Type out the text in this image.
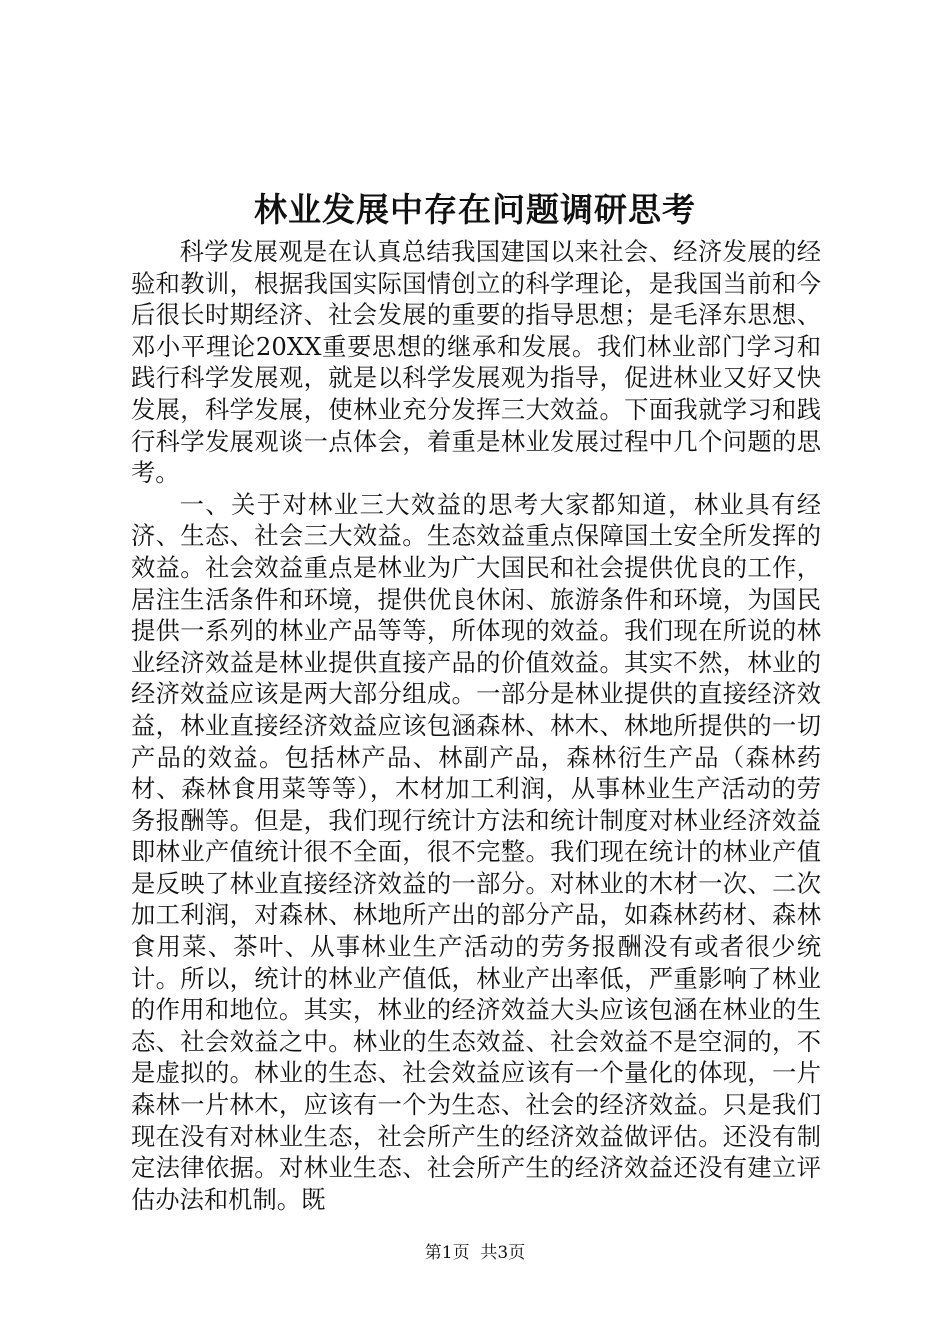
林业发展中存在问题调研思考

科学发展观是在认真总结我国建国以来社会、经济发展的经验和教训，根据我国实际国情创立的科学理论，是我国当前和今后很长时期经济、社会发展的重要的指导思想；是毛泽东思想、邓小平理论20XX重要思想的继承和发展。我们林业部门学习和践行科学发展观，就是以科学发展观为指导，促进林业又好又快发展，科学发展，使林业充分发挥三大效益。下面我就学习和践行科学发展观谈一点体会，着重是林业发展过程中几个问题的思考。

一、关于对林业三大效益的思考大家都知道，林业具有经济、生态、社会三大效益。生态效益重点保障国土安全所发挥的效益。社会效益重点是林业为广大国民和社会提供优良的工作，居注生活条件和环境，提供优良休闲、旅游条件和环境，为国民提供一系列的林业产品等等，所体现的效益。我们现在所说的林业经济效益是林业提供直接产品的价值效益。其实不然，林业的经济效益应该是两大部分组成。一部分是林业提供的直接经济效益，林业直接经济效益应该包涵森林、林木、林地所提供的一切产品的效益。包括林产品、林副产品，森林衍生产品（森林药材、森林食用菜等等），木材加工利润，从事林业生产活动的劳务报酬等。但是，我们现行统计方法和统计制度对林业经济效益即林业产值统计很不全面，很不完整。我们现在统计的林业产值是反映了林业直接经济效益的一部分。对林业的木材一次、二次加工利润，对森林、林地所产出的部分产品，如森林药材、森林食用菜、茶叶、从事林业生产活动的劳务报酬没有或者很少统计。所以，统计的林业产值低，林业产出率低，严重影响了林业的作用和地位。其实，林业的经济效益大头应该包涵在林业的生态、社会效益之中。林业的生态效益、社会效益不是空洞的，不是虚拟的。林业的生态、社会效益应该有一个量化的体现，一片森林一片林木，应该有一个为生态、社会的经济效益。只是我们现在没有对林业生态，社会所产生的经济效益做评估。还没有制定法律依据。对林业生态、社会所产生的经济效益还没有建立评估办法和机制。既

第1页 共3页
